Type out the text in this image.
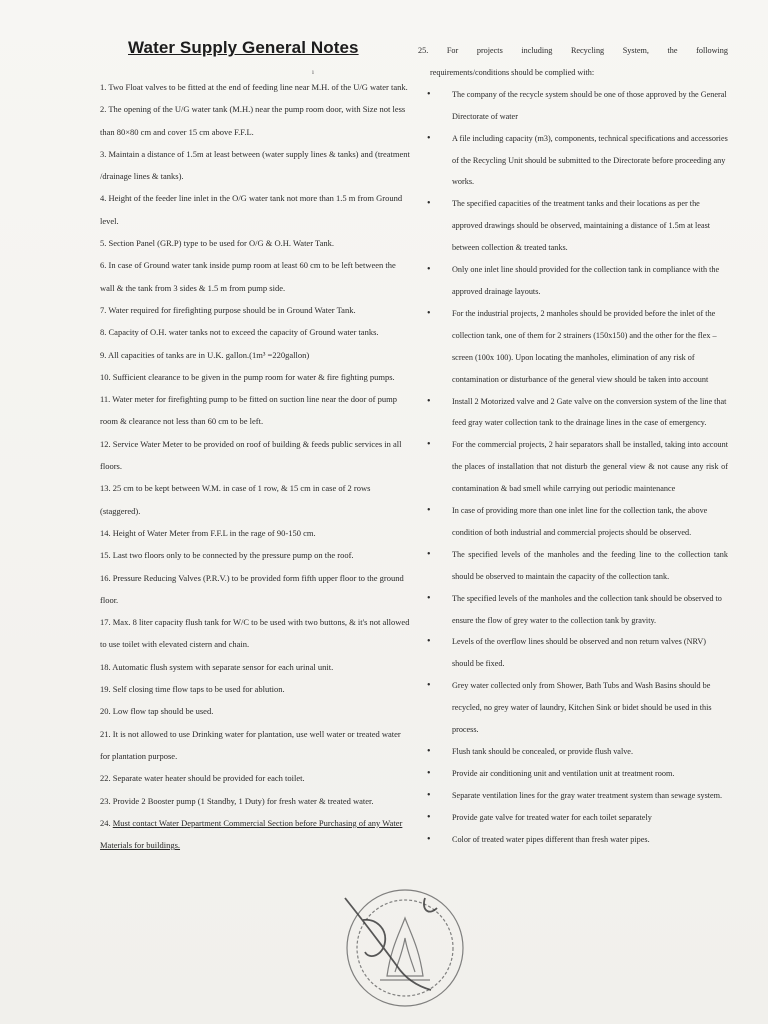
Water Supply General Notes
ı
1. Two Float valves to be fitted at the end of feeding line near M.H. of the U/G water tank.
2. The opening of the U/G water tank (M.H.) near the pump room door, with Size not less than 80×80 cm and cover 15 cm above F.F.L.
3. Maintain a distance of 1.5m at least between (water supply lines & tanks) and (treatment /drainage lines & tanks).
4. Height of the feeder line inlet in the O/G water tank not more than 1.5 m from Ground level.
5. Section Panel (GR.P) type to be used for O/G & O.H. Water Tank.
6. In case of Ground water tank inside pump room at least 60 cm to be left between the wall & the tank from 3 sides & 1.5 m from pump side.
7. Water required for firefighting purpose should be in Ground Water Tank.
8. Capacity of O.H. water tanks not to exceed the capacity of Ground water tanks.
9. All capacities of tanks are in U.K. gallon.(1m³ =220gallon)
10. Sufficient clearance to be given in the pump room for water & fire fighting pumps.
11. Water meter for firefighting pump to be fitted on suction line near the door of pump room & clearance not less than 60 cm to be left.
12. Service Water Meter to be provided on roof of building & feeds public services in all floors.
13. 25 cm to be kept between W.M. in case of 1 row, & 15 cm in case of 2 rows (staggered).
14. Height of Water Meter from F.F.L in the rage of 90-150 cm.
15. Last two floors only to be connected by the pressure pump on the roof.
16. Pressure Reducing Valves (P.R.V.) to be provided form fifth upper floor to the ground floor.
17. Max. 8 liter capacity flush tank for W/C to be used with two buttons, & it's not allowed to use toilet with elevated cistern and chain.
18. Automatic flush system with separate sensor for each urinal unit.
19. Self closing time flow taps to be used for ablution.
20. Low flow tap should be used.
21. It is not allowed to use Drinking water for plantation, use well water or treated water for plantation purpose.
22. Separate water heater should be provided for each toilet.
23. Provide 2 Booster pump (1 Standby, 1 Duty) for fresh water & treated water.
24. Must contact Water Department Commercial Section before Purchasing of any Water Materials for buildings.
25. For projects including Recycling System, the following
requirements/conditions should be complied with:
•	The company of the recycle system should be one of those approved by the General Directorate of water
•	A file including capacity (m3), components, technical specifications and accessories of the Recycling Unit should be submitted to the Directorate before proceeding any works.
•	The specified capacities of the treatment tanks and their locations as per the approved drawings should be observed, maintaining a distance of 1.5m at least between collection & treated tanks.
•	Only one inlet line should provided for the collection tank in compliance with the approved drainage layouts.
•	For the industrial projects, 2 manholes should be provided before the inlet of the collection tank, one of them for 2 strainers (150x150) and the other for the flex – screen (100x 100). Upon locating the manholes, elimination of any risk of contamination or disturbance of the general view should be taken into account
•	Install 2 Motorized valve and 2 Gate valve on the conversion system of the line that feed gray water collection tank to the drainage lines in the case of emergency.
•	For the commercial projects, 2 hair separators shall be installed, taking into account the places of installation that not disturb the general view & not cause any risk of contamination & bad smell while carrying out periodic maintenance
•	In case of providing more than one inlet line for the collection tank, the above condition of both industrial and commercial projects should be observed.
•	The specified levels of the manholes and the feeding line to the collection tank should be observed to maintain the capacity of the collection tank.
•	The specified levels of the manholes and the collection tank should be observed to ensure the flow of grey water to the collection tank by gravity.
•	Levels of the overflow lines should be observed and non return valves (NRV) should be fixed.
•	Grey water collected only from Shower, Bath Tubs and Wash Basins should be recycled, no grey water of laundry, Kitchen Sink or bidet should be used in this process.
•	Flush tank should be concealed, or provide flush valve.
•	Provide air conditioning unit and ventilation unit at treatment room.
•	Separate ventilation lines for the gray water treatment system than sewage system.
•	Provide gate valve for treated water for each toilet separately
•	Color of treated water pipes different than fresh water pipes.
